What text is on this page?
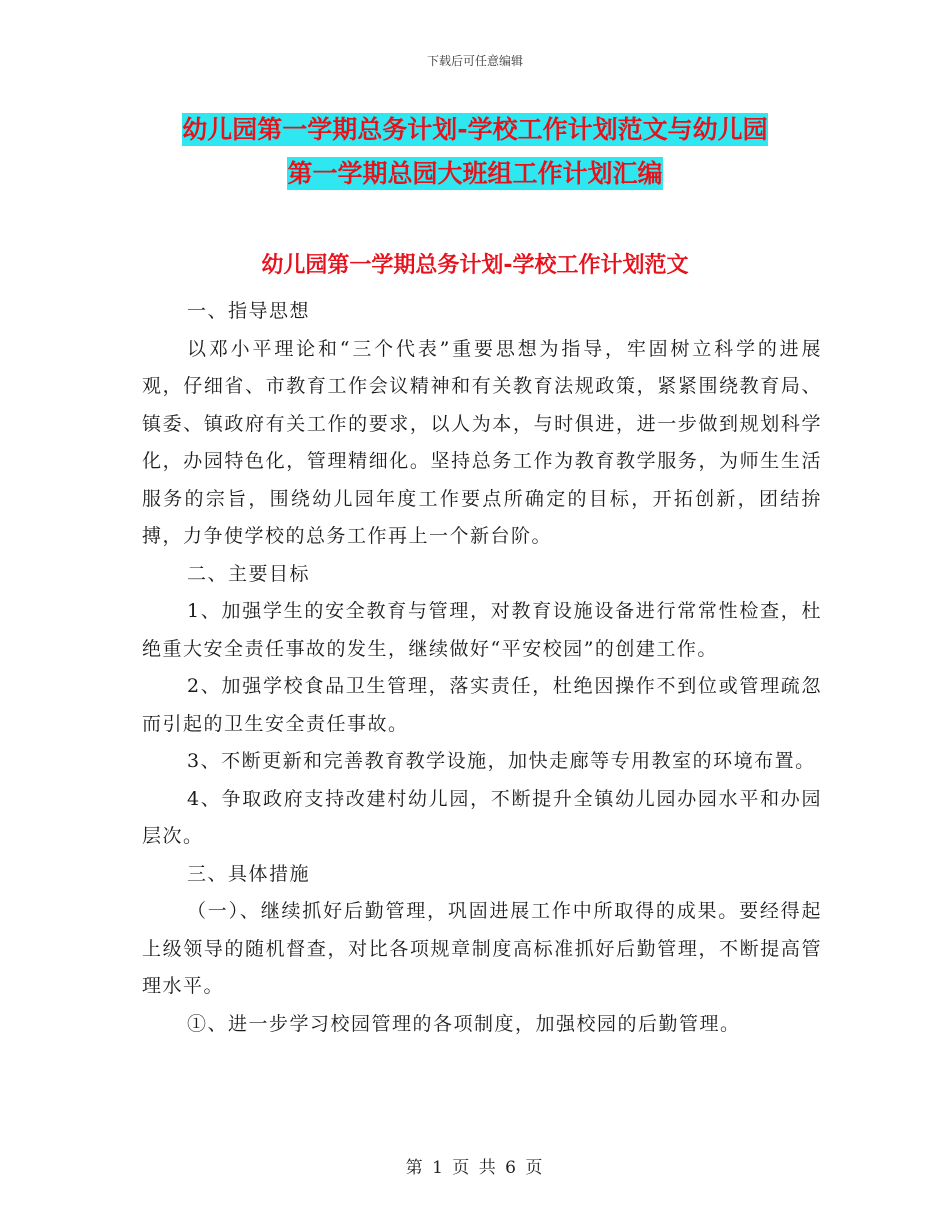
下载后可任意编辑
幼儿园第一学期总务计划-学校工作计划范文与幼儿园
第一学期总园大班组工作计划汇编
幼儿园第一学期总务计划-学校工作计划范文

一、指导思想

以邓小平理论和“三个代表”重要思想为指导，牢固树立科学的进展观，仔细省、市教育工作会议精神和有关教育法规政策，紧紧围绕教育局、镇委、镇政府有关工作的要求，以人为本，与时俱进，进一步做到规划科学化，办园特色化，管理精细化。坚持总务工作为教育教学服务，为师生生活服务的宗旨，围绕幼儿园年度工作要点所确定的目标，开拓创新，团结拚搏，力争使学校的总务工作再上一个新台阶。

二、主要目标

1、加强学生的安全教育与管理，对教育设施设备进行常常性检查，杜绝重大安全责任事故的发生，继续做好“平安校园”的创建工作。

2、加强学校食品卫生管理，落实责任，杜绝因操作不到位或管理疏忽而引起的卫生安全责任事故。

3、不断更新和完善教育教学设施，加快走廊等专用教室的环境布置。

4、争取政府支持改建村幼儿园，不断提升全镇幼儿园办园水平和办园层次。

三、具体措施

（一）、继续抓好后勤管理，巩固进展工作中所取得的成果。要经得起上级领导的随机督查，对比各项规章制度高标准抓好后勤管理，不断提高管理水平。

①、进一步学习校园管理的各项制度，加强校园的后勤管理。

第 1 页 共 6 页
